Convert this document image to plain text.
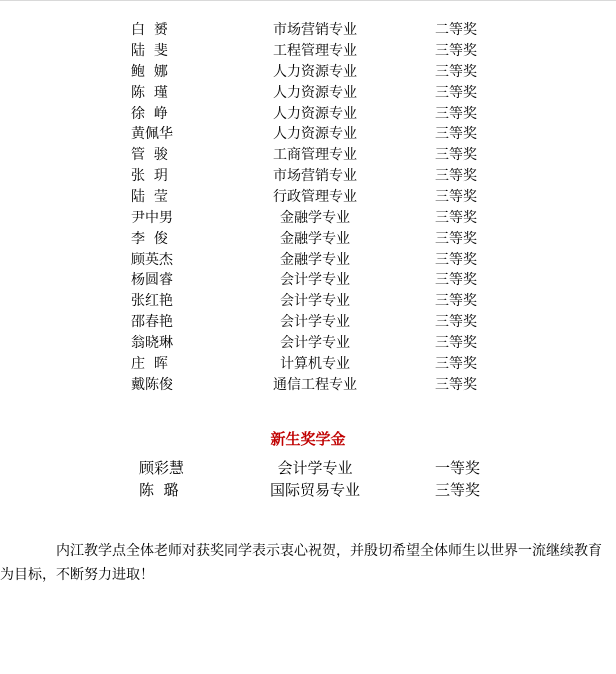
白  赟	市场营销专业	二等奖
陆  斐	工程管理专业	三等奖
鲍  娜	人力资源专业	三等奖
陈  瑾	人力资源专业	三等奖
徐  峥	人力资源专业	三等奖
黄佩华	人力资源专业	三等奖
管  骏	工商管理专业	三等奖
张  玥	市场营销专业	三等奖
陆  莹	行政管理专业	三等奖
尹中男	金融学专业	三等奖
李  俊	金融学专业	三等奖
顾英杰	金融学专业	三等奖
杨圆睿	会计学专业	三等奖
张红艳	会计学专业	三等奖
邵春艳	会计学专业	三等奖
翁晓琳	会计学专业	三等奖
庄  晖	计算机专业	三等奖
戴陈俊	通信工程专业	三等奖
新生奖学金
顾彩慧	会计学专业	一等奖
陈  璐	国际贸易专业	三等奖

内江教学点全体老师对获奖同学表示衷心祝贺，并殷切希望全体师生以世界一流继续教育为目标，不断努力进取！
